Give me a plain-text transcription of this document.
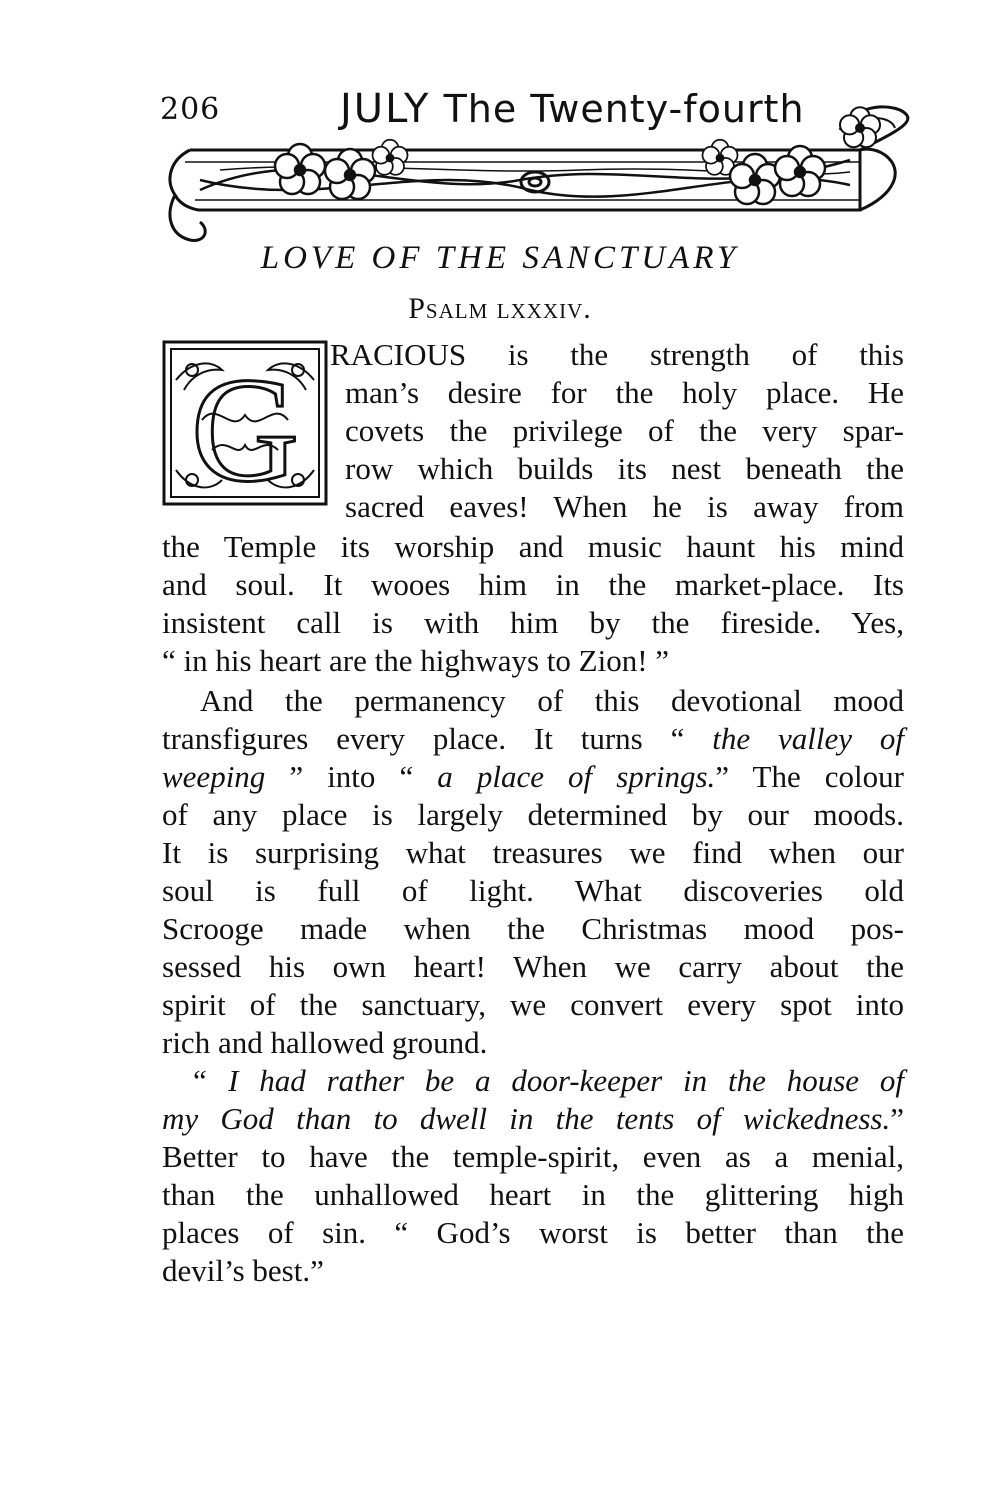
206	JULY The Twenty-fourth
LOVE OF THE SANCTUARY
Psalm lxxxiv.
G RACIOUS is the strength of this
man’s desire for the holy place. He
covets the privilege of the very spar-
row which builds its nest beneath the
sacred eaves! When he is away from
the Temple its worship and music haunt his mind
and soul. It wooes him in the market-place. Its
insistent call is with him by the fireside. Yes,
“ in his heart are the highways to Zion! ”
And the permanency of this devotional mood
transfigures every place. It turns “ the valley of
weeping ” into “ a place of springs.” The colour
of any place is largely determined by our moods.
It is surprising what treasures we find when our
soul is full of light. What discoveries old
Scrooge made when the Christmas mood pos-
sessed his own heart! When we carry about the
spirit of the sanctuary, we convert every spot into
rich and hallowed ground.
“ I had rather be a door-keeper in the house of
my God than to dwell in the tents of wickedness.”
Better to have the temple-spirit, even as a menial,
than the unhallowed heart in the glittering high
places of sin. “ God’s worst is better than the
devil’s best.”
